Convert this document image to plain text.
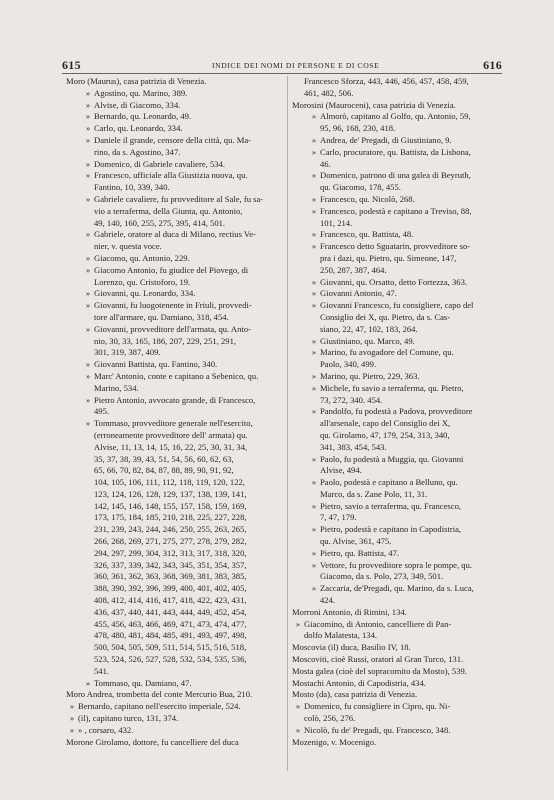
615	INDICE DEI NOMI DI PERSONE E DI COSE	616
Moro (Maurus), casa patrizia di Venezia.
» Agostino, qu. Marino, 389.
» Alvise, di Giacomo, 334.
» Bernardo, qu. Leonardo, 49.
» Carlo, qu. Leonardo, 334.
» Daniele il grande, censore della città, qu. Ma-
rino, da s. Agostino, 347.
» Domenico, di Gabriele cavaliere, 534.
» Francesco, ufficiale alla Giustizia nuova, qu.
Fantino, 10, 339, 340.
» Gabriele cavaliere, fu provveditore al Sale, fu sa-
vio a terraferma, della Giunta, qu. Antonio,
49, 140, 160, 255, 275, 395, 414, 501.
» Gabriele, oratore al duca di Milano, rectius Ve-
nier, v. questa voce.
» Giacomo, qu. Antonio, 229.
» Giacomo Antonio, fu giudice del Piovego, di
Lorenzo, qu. Cristoforo, 19.
» Giovanni, qu. Leonardo, 334.
» Giovanni, fu luogotenente in Friuli, provvedi-
tore all'armare, qu. Damiano, 318, 454.
» Giovanni, provveditore dell'armata, qu. Anto-
nio, 30, 33, 165, 186, 207, 229, 251, 291,
301, 319, 387, 409.
» Giovanni Battista, qu. Fantino, 340.
» Marc' Antonio, conte e capitano a Sebenico, qu.
Marino, 534.
» Pietro Antonio, avvocato grande, di Francesco,
495.
» Tommaso, provveditore generale nell'esercito,
(erroneamente provveditore dell' armata) qu.
Alvise, 11, 13, 14, 15, 16, 22, 25, 30, 31, 34,
35, 37, 38, 39, 43, 51, 54, 56, 60, 62, 63,
65, 66, 70, 82, 84, 87, 88, 89, 90, 91, 92,
104, 105, 106, 111, 112, 118, 119, 120, 122,
123, 124, 126, 128, 129, 137, 138, 139, 141,
142, 145, 146, 148, 155, 157, 158, 159, 169,
173, 175, 184, 185, 210, 218, 225, 227, 228,
231, 239, 243, 244, 246, 250, 255, 263, 265,
266, 268, 269, 271, 275, 277, 278, 279, 282,
294, 297, 299, 304, 312, 313, 317, 318, 320,
326, 337, 339, 342, 343, 345, 351, 354, 357,
360, 361, 362, 363, 368, 369, 381, 383, 385,
388, 390, 392, 396, 399, 400, 401, 402, 405,
408, 412, 414, 416, 417, 418, 422, 423, 431,
436, 437, 440, 441, 443, 444, 449, 452, 454,
455, 456, 463, 466, 469, 471, 473, 474, 477,
478, 480, 481, 484, 485, 491, 493, 497, 498,
500, 504, 505, 509, 511, 514, 515, 516, 518,
523, 524, 526, 527, 528, 532, 534, 535, 536,
541.
» Tommaso, qu. Damiano, 47.
Moro Andrea, trombetta del conte Mercurio Bua, 210.
» Bernardo, capitano nell'esercito imperiale, 524.
» (il), capitano turco, 131, 374.
» » , corsaro, 432.
Morone Girolamo, dottore, fu cancelliere del duca
Francesco Sforza, 443, 446, 456, 457, 458, 459,
461, 482, 506.
Morosini (Mauroceni), casa patrizia di Venezia.
» Almorò, capitano al Golfo, qu. Antonio, 59,
95, 96, 168, 230, 418.
» Andrea, de' Pregadi, di Giustiniano, 9.
» Carlo, procuratore, qu. Battista, da Lisbona,
46.
» Domenico, patrono di una galea di Beyruth,
qu. Giacomo, 178, 455.
» Francesco, qu. Nicolò, 268.
» Francesco, podestà e capitano a Treviso, 88,
101, 214.
» Francesco, qu. Battista, 48.
» Francesco detto Sguatarin, provveditore so-
pra i dazi, qu. Pietro, qu. Simeone, 147,
250, 287, 387, 464.
» Giovanni, qu. Orsatto, detto Fortezza, 363.
» Giovanni Antonio, 47.
» Giovanni Francesco, fu consigliere, capo del
Consiglio dei X, qu. Pietro, da s. Cas-
siano, 22, 47, 102, 183, 264.
» Giustiniano, qu. Marco, 49.
» Marino, fu avogadore del Comune, qu.
Paolo, 340, 499.
» Marino, qu. Pietro, 229, 363.
» Michele, fu savio a terraferma, qu. Pietro,
73, 272, 340. 454.
» Pandolfo, fu podestà a Padova, provveditore
all'arsenale, capo del Consiglio dei X,
qu. Girolamo, 47, 179, 254, 313, 340,
341, 383, 454, 543.
» Paolo, fu podestà a Muggia, qu. Giovanni
Alvise, 494.
» Paolo, podestà e capitano a Belluno, qu.
Marco, da s. Zane Polo, 11, 31.
» Pietro, savio a terraferma, qu. Francesco,
7, 47, 179.
» Pietro, podestà e capitano in Capodistria,
qu. Alvise, 361, 475.
» Pietro, qu. Battista, 47.
» Vettore, fu provveditore sopra le pompe, qu.
Giacomo, da s. Polo, 273, 349, 501.
» Zaccaria, de'Pregadi, qu. Marino, da s. Luca,
424.
Morroni Antonio, di Rimini, 134.
» Giacomino, di Antonio, cancelliere di Pan-
dolfo Malatesta, 134.
Moscovia (il) duca, Basilio IV, 18.
Moscoviti, cioè Russi, oratori al Gran Turco, 131.
Mosta galea (cioè del sopracomito da Mosto), 539.
Mostachi Antonio, di Capodistria, 434.
Mosto (da), casa patrizia di Venezia.
» Domenico, fu consigliere in Cipro, qu. Ni-
colò, 256, 276.
» Nicolò, fu de' Pregadi, qu. Francesco, 348.
Mozenigo, v. Mocenigo.
